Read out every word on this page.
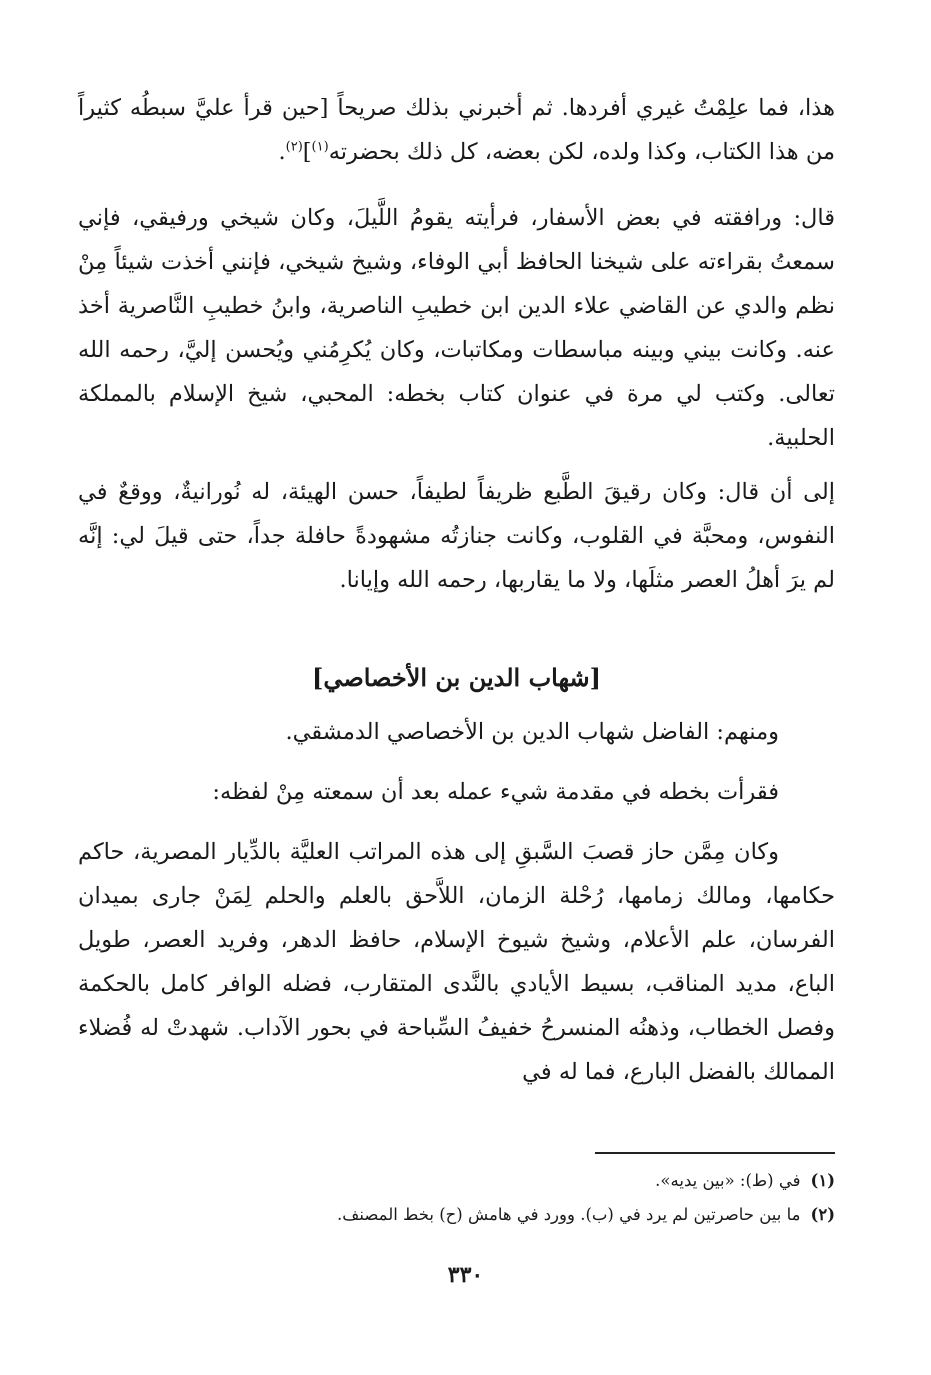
هذا، فما علِمْتُ غيري أفردها. ثم أخبرني بذلك صريحاً [حين قرأ عليَّ سبطُه كثيراً من هذا الكتاب، وكذا ولده، لكن بعضه، كل ذلك بحضرته$^{(١)}$]$^{(٢)}$.

قال: ورافقته في بعض الأسفار، فرأيته يقومُ اللَّيلَ، وكان شيخي ورفيقي، فإني سمعتُ بقراءته على شيخنا الحافظ أبي الوفاء، وشيخ شيخي، فإنني أخذت شيئاً مِنْ نظم والدي عن القاضي علاء الدين ابن خطيبِ الناصرية، وابنُ خطيبِ النَّاصرية أخذ عنه. وكانت بيني وبينه مباسطات ومكاتبات، وكان يُكرِمُني ويُحسن إليَّ، رحمه الله تعالى. وكتب لي مرة في عنوان كتاب بخطه: المحبي، شيخ الإسلام بالمملكة الحلبية.

إلى أن قال: وكان رقيقَ الطَّبع ظريفاً لطيفاً، حسن الهيئة، له نُورانيةٌ، ووقعٌ في النفوس، ومحبَّة في القلوب، وكانت جنازتُه مشهودةً حافلة جداً، حتى قيلَ لي: إنَّه لم يرَ أهلُ العصر مثلَها، ولا ما يقاربها، رحمه الله وإيانا.

[شهاب الدين بن الأخصاصي]

ومنهم: الفاضل شهاب الدين بن الأخصاصي الدمشقي.

فقرأت بخطه في مقدمة شيء عمله بعد أن سمعته مِنْ لفظه:

وكان مِمَّن حاز قصبَ السَّبقِ إلى هذه المراتب العليَّة بالدِّيار المصرية، حاكم حكامها، ومالك زمامها، رُحْلة الزمان، اللاَّحق بالعلم والحلم لِمَنْ جارى بميدان الفرسان، علم الأعلام، وشيخ شيوخ الإسلام، حافظ الدهر، وفريد العصر، طويل الباع، مديد المناقب، بسيط الأيادي بالنَّدى المتقارب، فضله الوافر كامل بالحكمة وفصل الخطاب، وذهنُه المنسرحُ خفيفُ السِّباحة في بحور الآداب. شهدتْ له فُضلاء الممالك بالفضل البارع، فما له في

(١)في (ط): «بين يديه».

(٢)ما بين حاصرتين لم يرد في (ب). وورد في هامش (ح) بخط المصنف.

٣٣٠
